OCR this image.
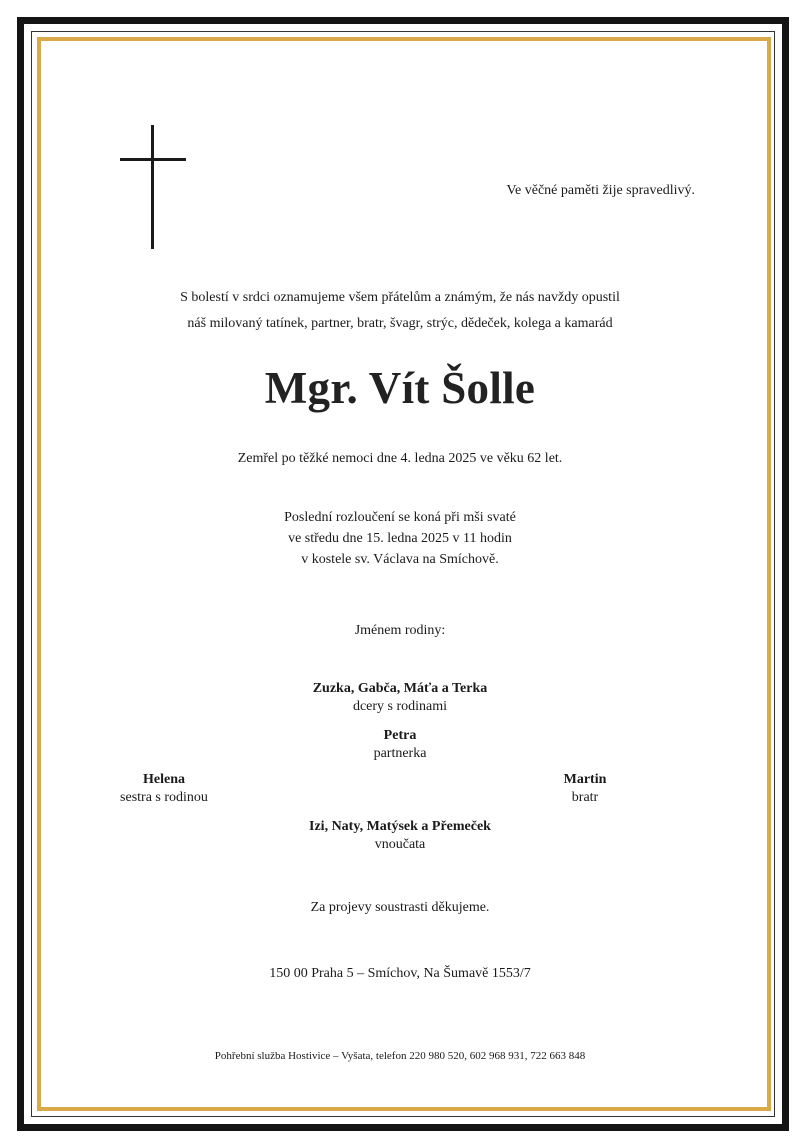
Ve věčné paměti žije spravedlivý.
S bolestí v srdci oznamujeme všem přátelům a známým, že nás navždy opustil
náš milovaný tatínek, partner, bratr, švagr, strýc, dědeček, kolega a kamarád
Mgr. Vít Šolle
Zemřel po těžké nemoci dne 4. ledna 2025 ve věku 62 let.
Poslední rozloučení se koná při mši svaté
ve středu dne 15. ledna 2025 v 11 hodin
v kostele sv. Václava na Smíchově.
Jménem rodiny:
Zuzka, Gabča, Máťa a Terka
dcery s rodinami
Petra
partnerka
Helena
sestra s rodinou
Martin
bratr
Izi, Naty, Matýsek a Přemeček
vnoučata
Za projevy soustrasti děkujeme.
150 00 Praha 5 – Smíchov, Na Šumavě 1553/7
Pohřební služba Hostivice – Vyšata, telefon 220 980 520, 602 968 931, 722 663 848
